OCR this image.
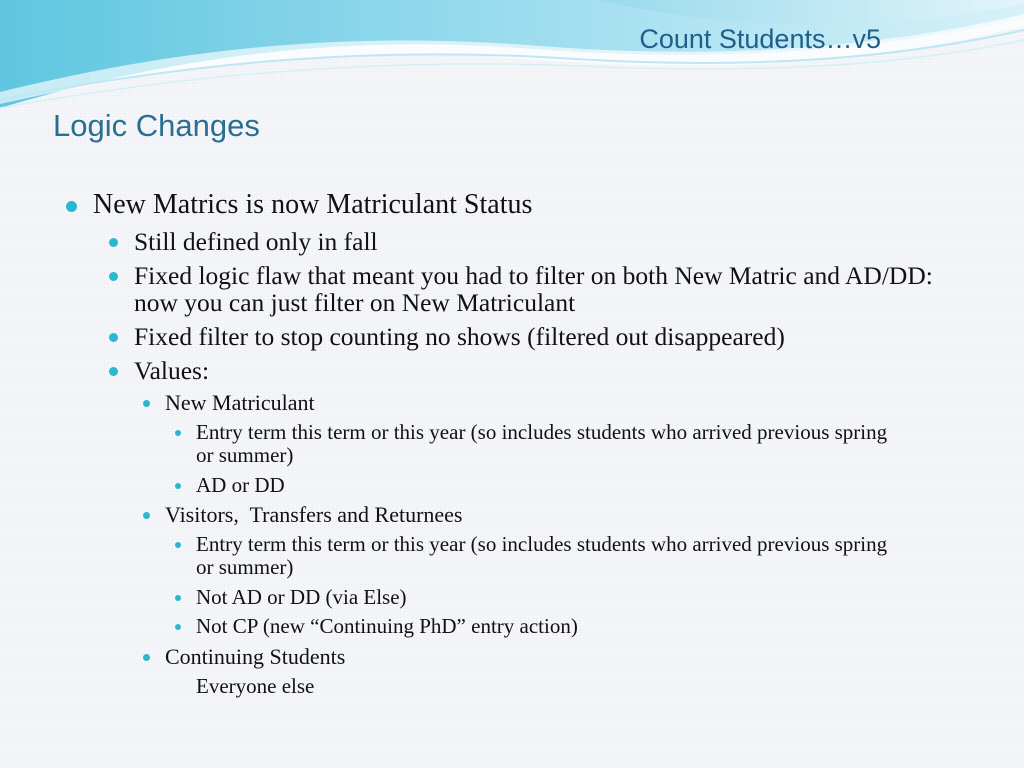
Count Students…v5
Logic Changes
New Matrics is now Matriculant Status
Still defined only in fall
Fixed logic flaw that meant you had to filter on both New Matric and AD/DD: now you can just filter on New Matriculant
Fixed filter to stop counting no shows (filtered out disappeared)
Values:
New Matriculant
Entry term this term or this year (so includes students who arrived previous spring or summer)
AD or DD
Visitors,  Transfers and Returnees
Entry term this term or this year (so includes students who arrived previous spring or summer)
Not AD or DD (via Else)
Not CP (new “Continuing PhD” entry action)
Continuing Students
Everyone else
